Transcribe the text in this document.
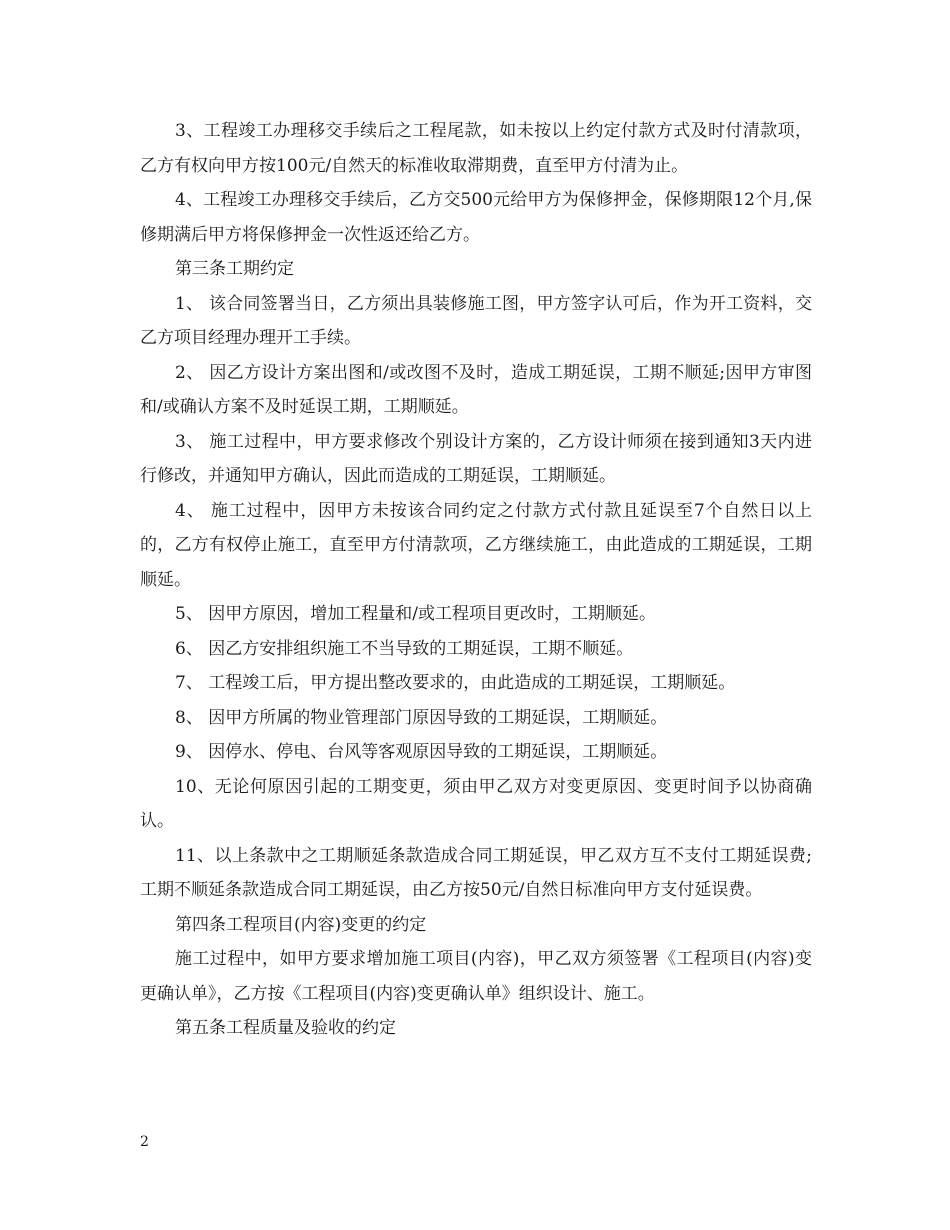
3、工程竣工办理移交手续后之工程尾款，如未按以上约定付款方式及时付清款项，乙方有权向甲方按100元/自然天的标准收取滞期费，直至甲方付清为止。

4、工程竣工办理移交手续后，乙方交500元给甲方为保修押金，保修期限12个月,保修期满后甲方将保修押金一次性返还给乙方。

第三条工期约定

1、 该合同签署当日，乙方须出具装修施工图，甲方签字认可后，作为开工资料，交乙方项目经理办理开工手续。

2、 因乙方设计方案出图和/或改图不及时，造成工期延误，工期不顺延;因甲方审图和/或确认方案不及时延误工期，工期顺延。

3、 施工过程中，甲方要求修改个别设计方案的，乙方设计师须在接到通知3天内进行修改，并通知甲方确认，因此而造成的工期延误，工期顺延。

4、 施工过程中，因甲方未按该合同约定之付款方式付款且延误至7个自然日以上的，乙方有权停止施工，直至甲方付清款项，乙方继续施工，由此造成的工期延误，工期顺延。

5、 因甲方原因，增加工程量和/或工程项目更改时，工期顺延。

6、 因乙方安排组织施工不当导致的工期延误，工期不顺延。

7、 工程竣工后，甲方提出整改要求的，由此造成的工期延误，工期顺延。

8、 因甲方所属的物业管理部门原因导致的工期延误，工期顺延。

9、 因停水、停电、台风等客观原因导致的工期延误，工期顺延。

10、无论何原因引起的工期变更，须由甲乙双方对变更原因、变更时间予以协商确认。

11、以上条款中之工期顺延条款造成合同工期延误，甲乙双方互不支付工期延误费;工期不顺延条款造成合同工期延误，由乙方按50元/自然日标准向甲方支付延误费。

第四条工程项目(内容)变更的约定

施工过程中，如甲方要求增加施工项目(内容)，甲乙双方须签署《工程项目(内容)变更确认单》，乙方按《工程项目(内容)变更确认单》组织设计、施工。

第五条工程质量及验收的约定

2
